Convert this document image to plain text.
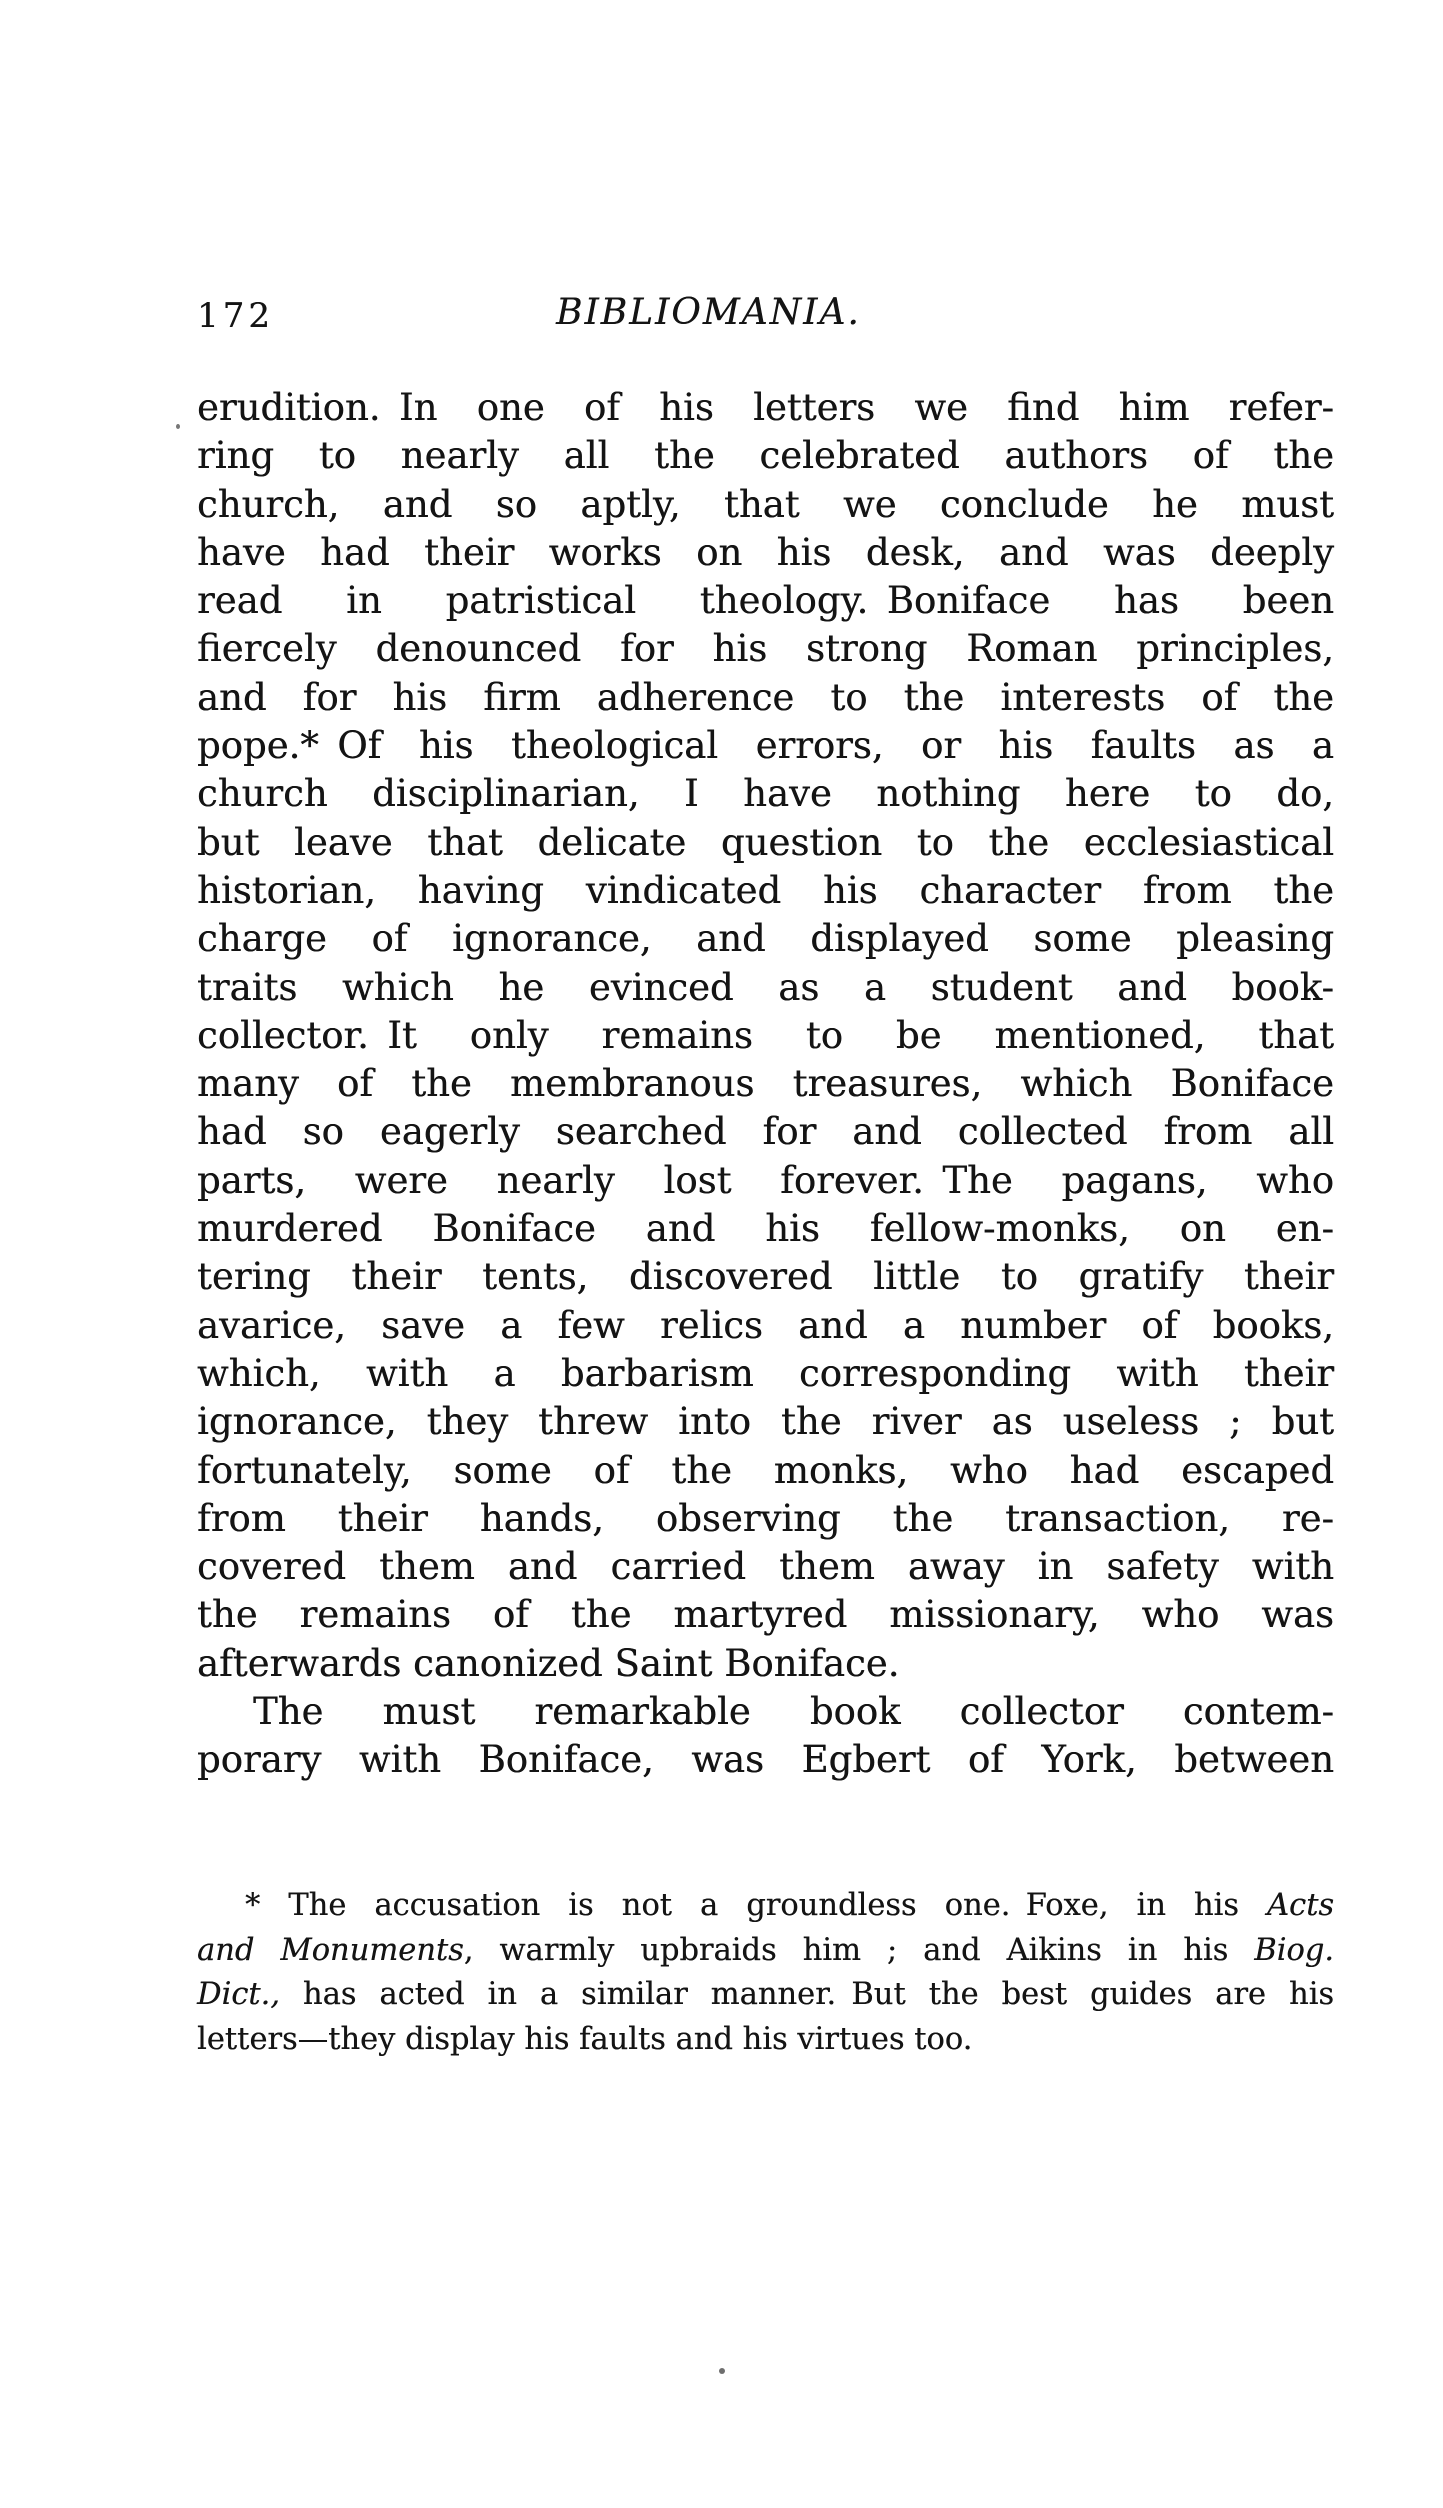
172	BIBLIOMANIA.
erudition. In one of his letters we find him refer-
ring to nearly all the celebrated authors of the
church, and so aptly, that we conclude he must
have had their works on his desk, and was deeply
read in patristical theology. Boniface has been
fiercely denounced for his strong Roman principles,
and for his firm adherence to the interests of the
pope.* Of his theological errors, or his faults as a
church disciplinarian, I have nothing here to do,
but leave that delicate question to the ecclesiastical
historian, having vindicated his character from the
charge of ignorance, and displayed some pleasing
traits which he evinced as a student and book-
collector. It only remains to be mentioned, that
many of the membranous treasures, which Boniface
had so eagerly searched for and collected from all
parts, were nearly lost forever. The pagans, who
murdered Boniface and his fellow-monks, on en-
tering their tents, discovered little to gratify their
avarice, save a few relics and a number of books,
which, with a barbarism corresponding with their
ignorance, they threw into the river as useless ; but
fortunately, some of the monks, who had escaped
from their hands, observing the transaction, re-
covered them and carried them away in safety with
the remains of the martyred missionary, who was
afterwards canonized Saint Boniface.
The must remarkable book collector contem-
porary with Boniface, was Egbert of York, between
* The accusation is not a groundless one. Foxe, in his Acts
and Monuments, warmly upbraids him ; and Aikins in his Biog.
Dict., has acted in a similar manner. But the best guides are his
letters—they display his faults and his virtues too.
